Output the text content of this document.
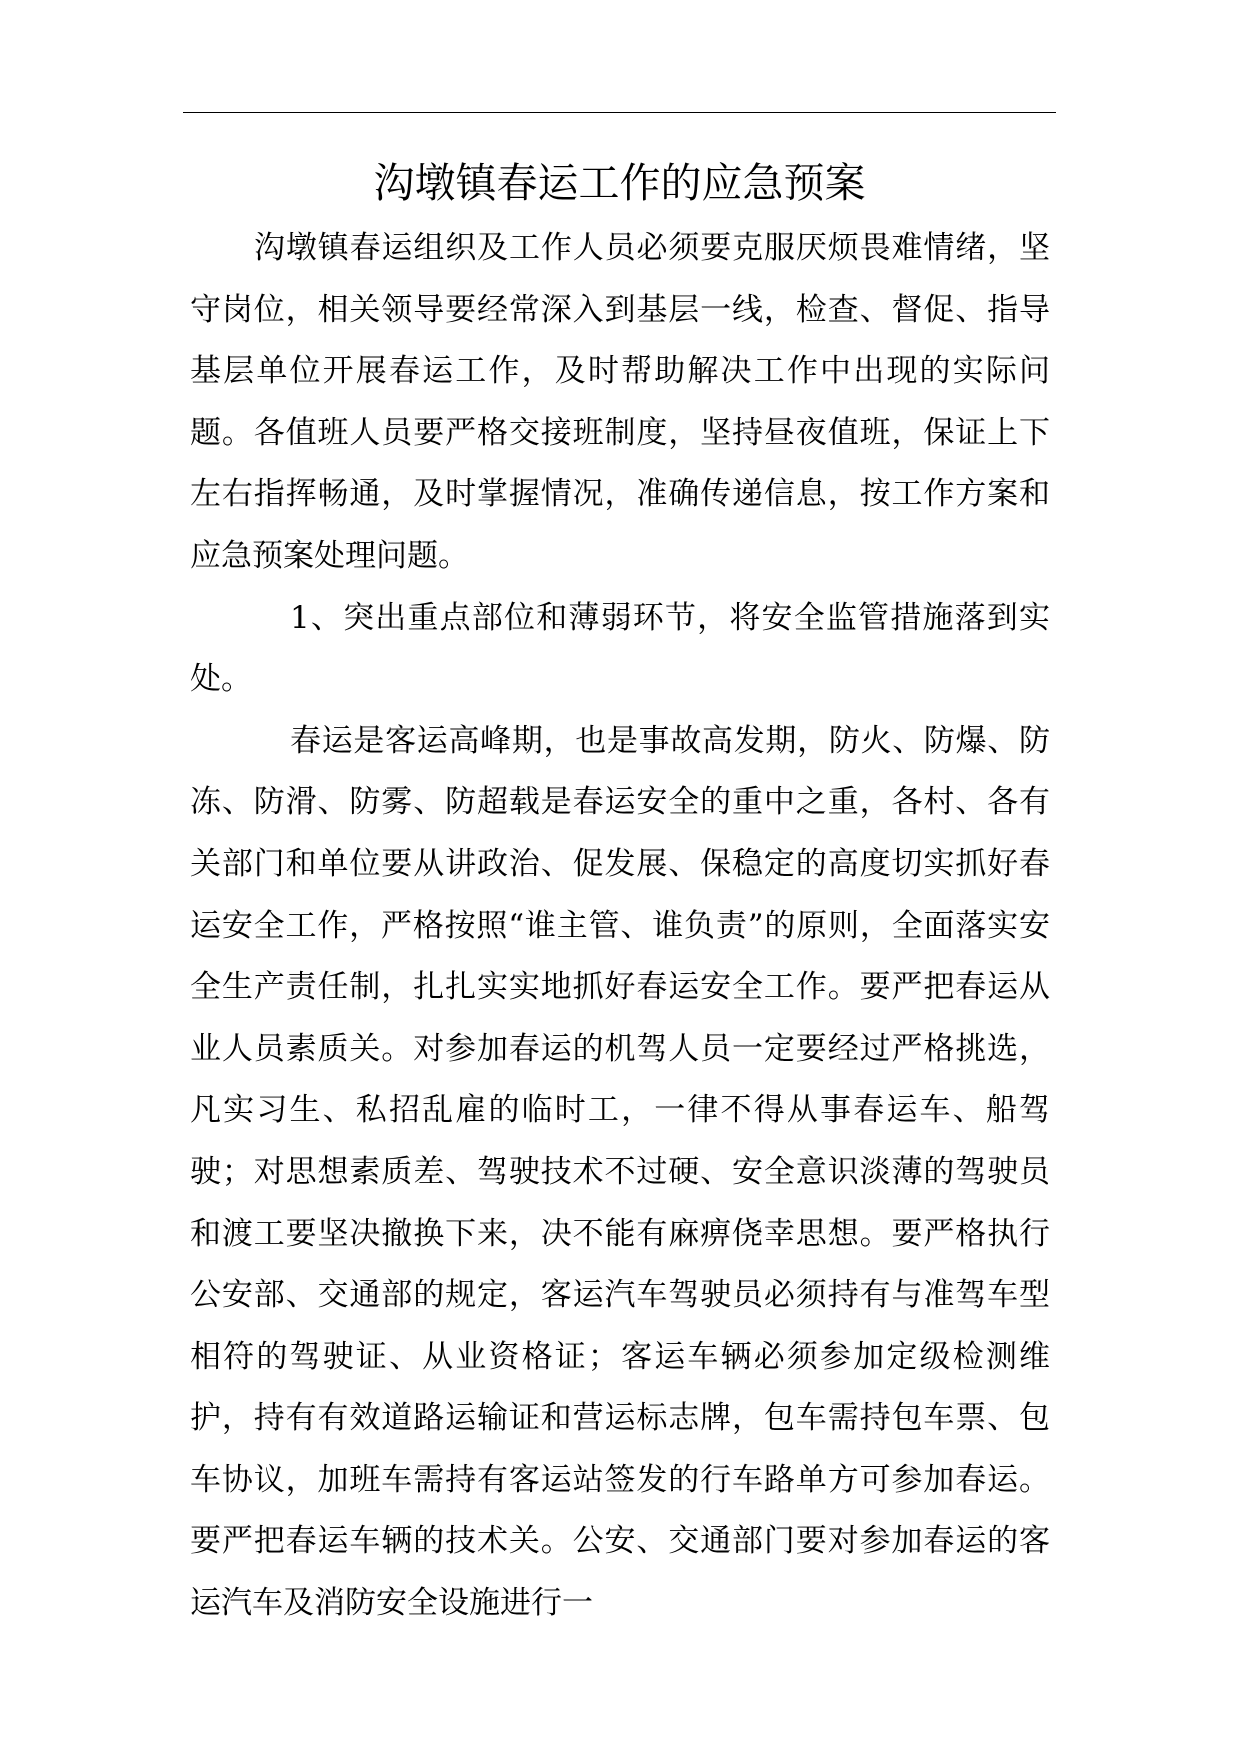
沟墩镇春运工作的应急预案

沟墩镇春运组织及工作人员必须要克服厌烦畏难情绪，坚守岗位，相关领导要经常深入到基层一线，检查、督促、指导基层单位开展春运工作，及时帮助解决工作中出现的实际问题。各值班人员要严格交接班制度，坚持昼夜值班，保证上下左右指挥畅通，及时掌握情况，准确传递信息，按工作方案和应急预案处理问题。

1、突出重点部位和薄弱环节，将安全监管措施落到实处。

春运是客运高峰期，也是事故高发期，防火、防爆、防冻、防滑、防雾、防超载是春运安全的重中之重，各村、各有关部门和单位要从讲政治、促发展、保稳定的高度切实抓好春运安全工作，严格按照“谁主管、谁负责”的原则，全面落实安全生产责任制，扎扎实实地抓好春运安全工作。要严把春运从业人员素质关。对参加春运的机驾人员一定要经过严格挑选，凡实习生、私招乱雇的临时工，一律不得从事春运车、船驾驶；对思想素质差、驾驶技术不过硬、安全意识淡薄的驾驶员和渡工要坚决撤换下来，决不能有麻痹侥幸思想。要严格执行公安部、交通部的规定，客运汽车驾驶员必须持有与准驾车型相符的驾驶证、从业资格证；客运车辆必须参加定级检测维护，持有有效道路运输证和营运标志牌，包车需持包车票、包车协议，加班车需持有客运站签发的行车路单方可参加春运。要严把春运车辆的技术关。公安、交通部门要对参加春运的客运汽车及消防安全设施进行一
